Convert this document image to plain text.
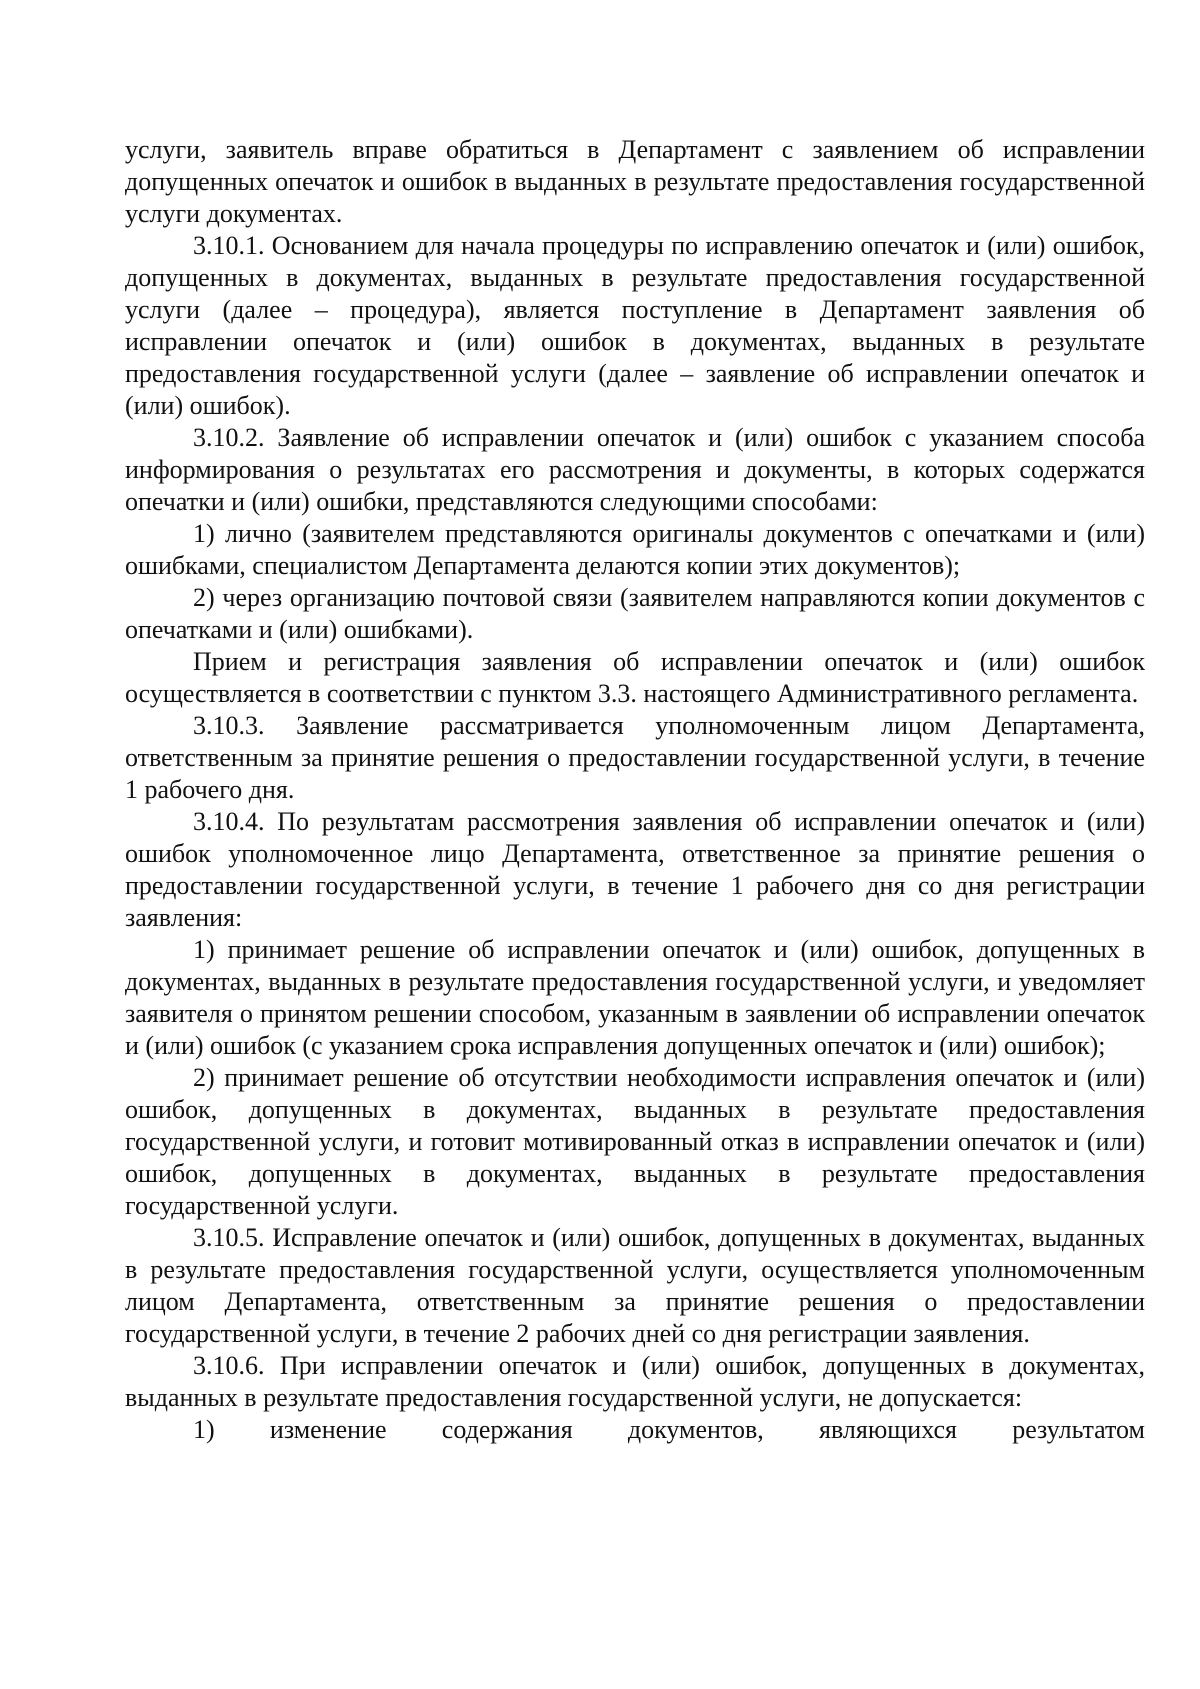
услуги, заявитель вправе обратиться в Департамент с заявлением об исправлении допущенных опечаток и ошибок в выданных в результате предоставления государственной услуги документах.

3.10.1. Основанием для начала процедуры по исправлению опечаток и (или) ошибок, допущенных в документах, выданных в результате предоставления государственной услуги (далее – процедура), является поступление в Департамент заявления об исправлении опечаток и (или) ошибок в документах, выданных в результате предоставления государственной услуги (далее – заявление об исправлении опечаток и (или) ошибок).

3.10.2. Заявление об исправлении опечаток и (или) ошибок с указанием способа информирования о результатах его рассмотрения и документы, в которых содержатся опечатки и (или) ошибки, представляются следующими способами:

1) лично (заявителем представляются оригиналы документов с опечатками и (или) ошибками, специалистом Департамента делаются копии этих документов);

2) через организацию почтовой связи (заявителем направляются копии документов с опечатками и (или) ошибками).

Прием и регистрация заявления об исправлении опечаток и (или) ошибок осуществляется в соответствии с пунктом 3.3. настоящего Административного регламента.

3.10.3. Заявление рассматривается уполномоченным лицом Департамента, ответственным за принятие решения о предоставлении государственной услуги, в течение 1 рабочего дня.

3.10.4. По результатам рассмотрения заявления об исправлении опечаток и (или) ошибок уполномоченное лицо Департамента, ответственное за принятие решения о предоставлении государственной услуги, в течение 1 рабочего дня со дня регистрации заявления:

1) принимает решение об исправлении опечаток и (или) ошибок, допущенных в документах, выданных в результате предоставления государственной услуги, и уведомляет заявителя о принятом решении способом, указанным в заявлении об исправлении опечаток и (или) ошибок (с указанием срока исправления допущенных опечаток и (или) ошибок);

2) принимает решение об отсутствии необходимости исправления опечаток и (или) ошибок, допущенных в документах, выданных в результате предоставления государственной услуги, и готовит мотивированный отказ в исправлении опечаток и (или) ошибок, допущенных в документах, выданных в результате предоставления государственной услуги.

3.10.5. Исправление опечаток и (или) ошибок, допущенных в документах, выданных в результате предоставления государственной услуги, осуществляется уполномоченным лицом Департамента, ответственным за принятие решения о предоставлении государственной услуги, в течение 2 рабочих дней со дня регистрации заявления.

3.10.6. При исправлении опечаток и (или) ошибок, допущенных в документах, выданных в результате предоставления государственной услуги, не допускается:

1) изменение содержания документов, являющихся результатом
